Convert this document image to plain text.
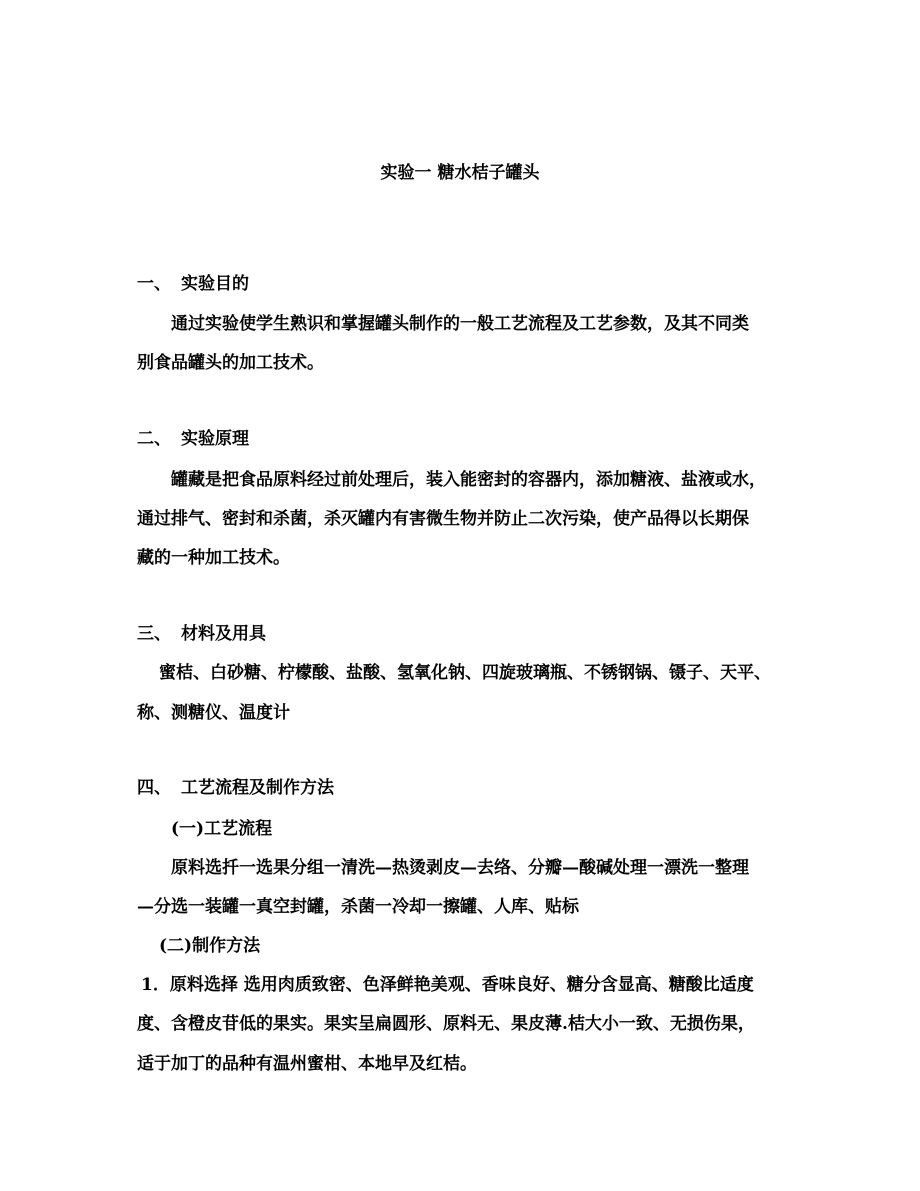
实验一 糖水桔子罐头
一、 实验目的
通过实验使学生熟识和掌握罐头制作的一般工艺流程及工艺参数，及其不同类
别食品罐头的加工技术。
二、 实验原理
罐藏是把食品原料经过前处理后，装入能密封的容器内，添加糖液、盐液或水，
通过排气、密封和杀菌，杀灭罐内有害微生物并防止二次污染，使产品得以长期保
藏的一种加工技术。
三、 材料及用具
蜜桔、白砂糖、柠檬酸、盐酸、氢氧化钠、四旋玻璃瓶、不锈钢锅、镊子、天平、
称、测糖仪、温度计
四、 工艺流程及制作方法
(一)工艺流程
原料选扦一选果分组一清洗—热烫剥皮—去络、分瓣—酸碱处理一漂洗一整理
—分选一装罐一真空封罐，杀菌一冷却一擦罐、人库、贴标
(二)制作方法
1．原料选择 选用肉质致密、色泽鲜艳美观、香味良好、糖分含显高、糖酸比适度
度、含橙皮苷低的果实。果实呈扁圆形、原料无、果皮薄.桔大小一致、无损伤果，
适于加丁的品种有温州蜜柑、本地早及红桔。
